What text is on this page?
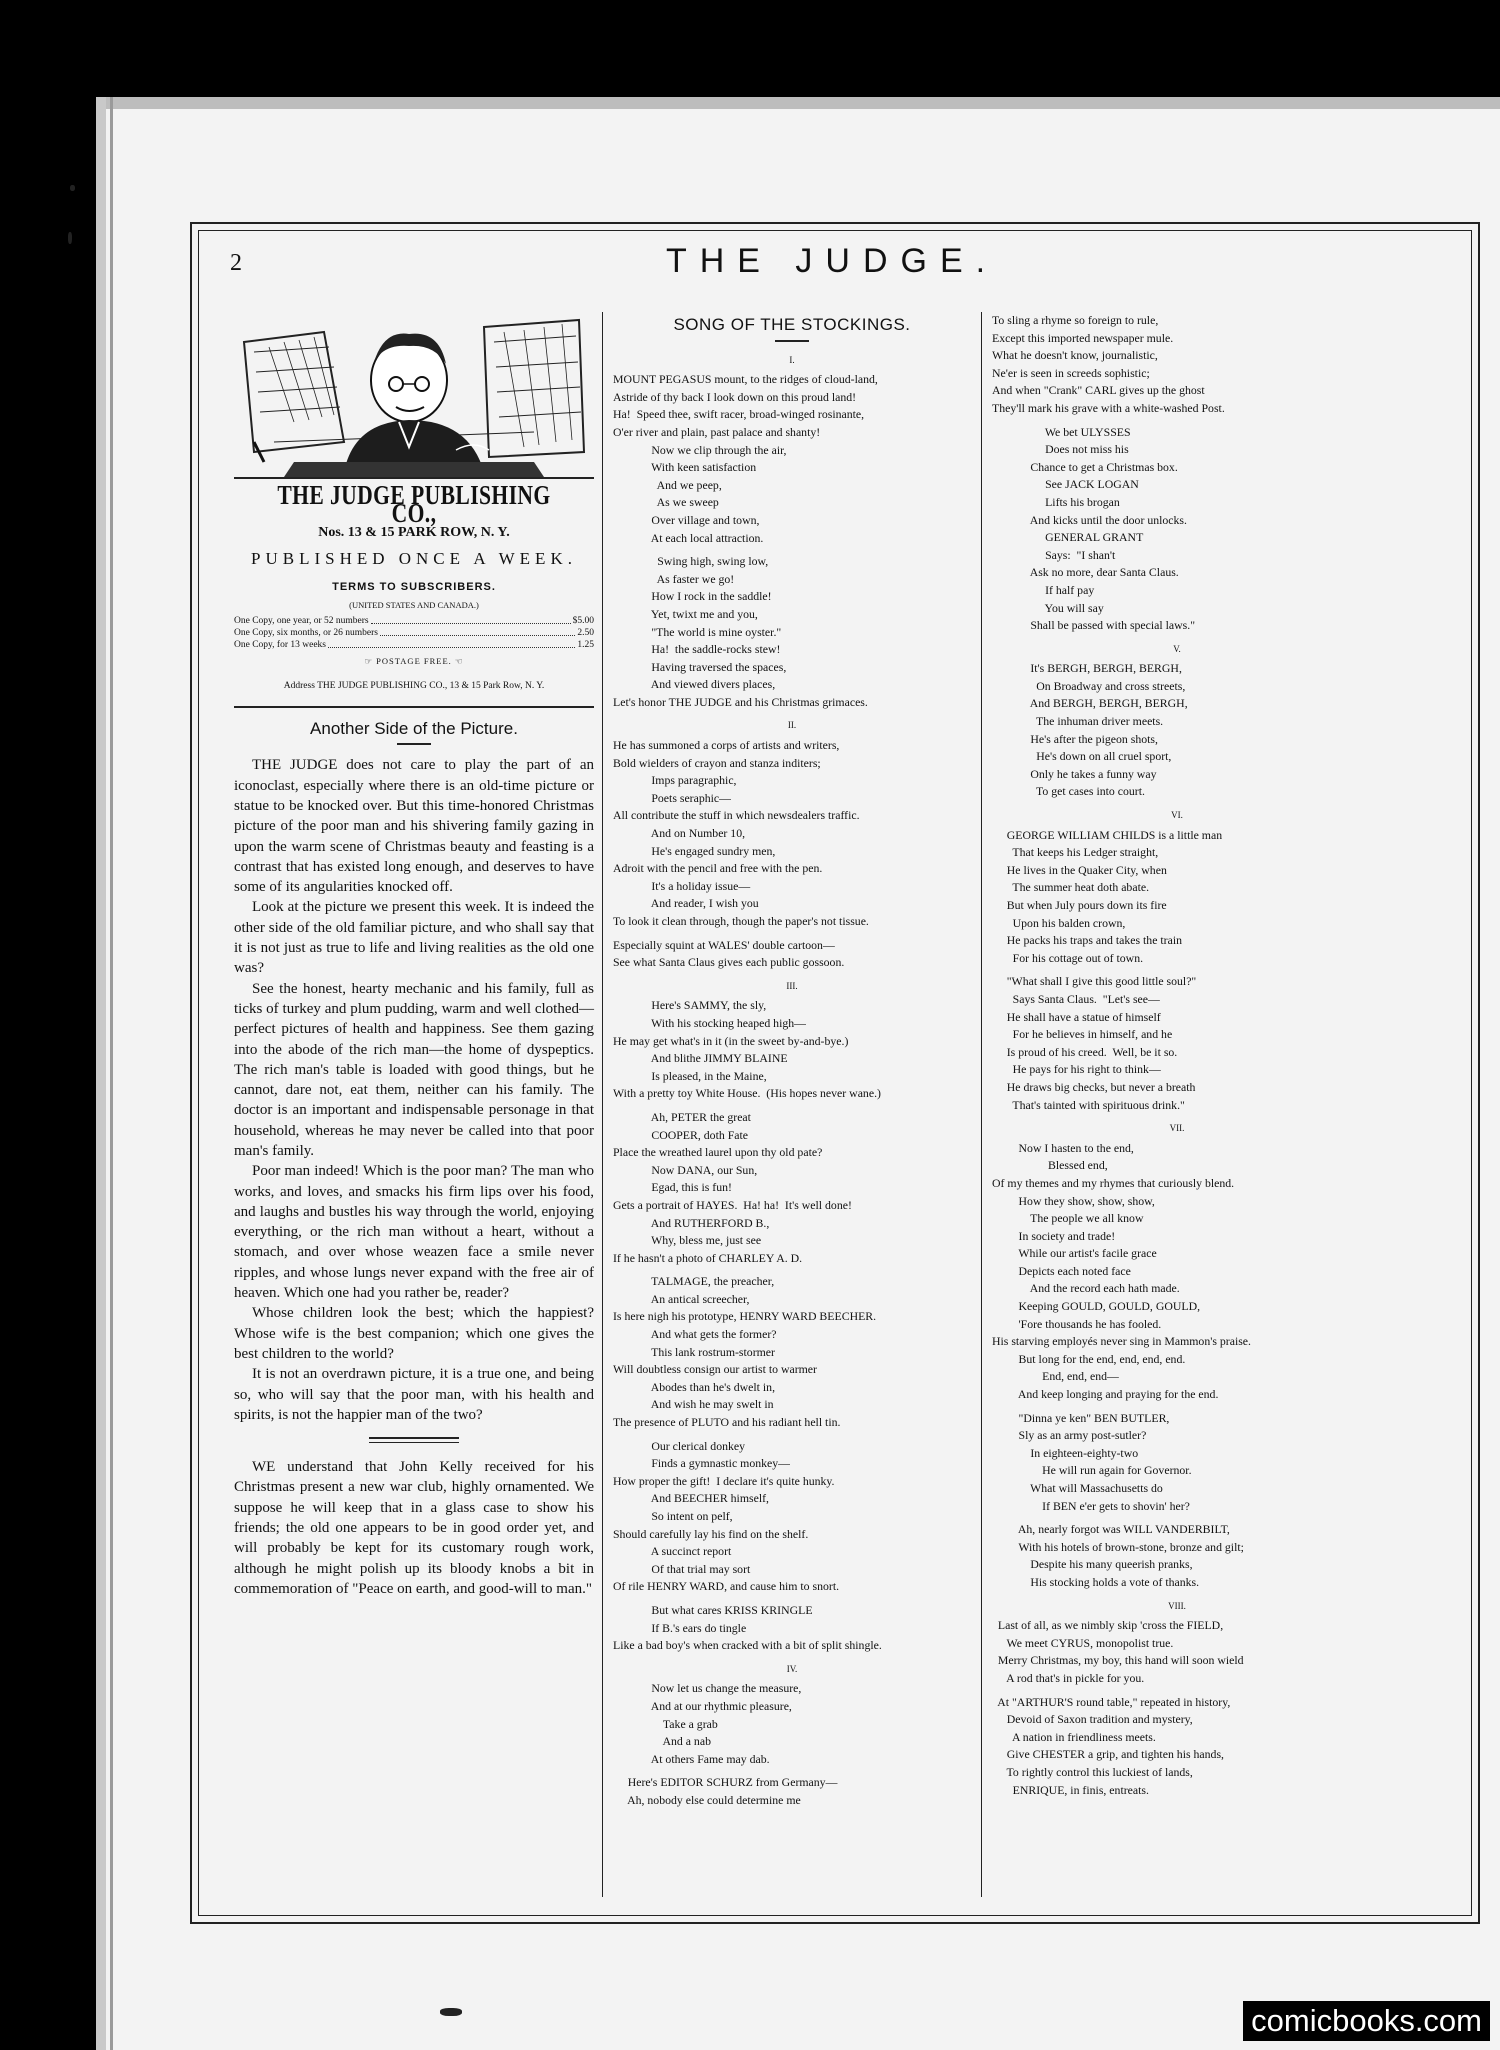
2	THE JUDGE.
THE JUDGE PUBLISHING CO.,
Nos. 13 & 15 PARK ROW, N. Y.
PUBLISHED ONCE A WEEK.
TERMS TO SUBSCRIBERS.
(UNITED STATES AND CANADA.)
One Copy, one year, or 52 numbers	$5.00
One Copy, six months, or 26 numbers	2.50
One Copy, for 13 weeks	1.25
☞ POSTAGE FREE. ☜
Address THE JUDGE PUBLISHING CO., 13 & 15 Park Row, N. Y.
Another Side of the Picture.

THE JUDGE does not care to play the part of an iconoclast, especially where there is an old-time picture or statue to be knocked over. But this time-honored Christmas picture of the poor man and his shivering family gazing in upon the warm scene of Christmas beauty and feasting is a contrast that has existed long enough, and deserves to have some of its angularities knocked off.

Look at the picture we present this week. It is indeed the other side of the old familiar picture, and who shall say that it is not just as true to life and living realities as the old one was?

See the honest, hearty mechanic and his family, full as ticks of turkey and plum pudding, warm and well clothed—perfect pictures of health and happiness. See them gazing into the abode of the rich man—the home of dyspeptics. The rich man's table is loaded with good things, but he cannot, dare not, eat them, neither can his family. The doctor is an important and indispensable personage in that household, whereas he may never be called into that poor man's family.

Poor man indeed! Which is the poor man? The man who works, and loves, and smacks his firm lips over his food, and laughs and bustles his way through the world, enjoying everything, or the rich man without a heart, without a stomach, and over whose weazen face a smile never ripples, and whose lungs never expand with the free air of heaven. Which one had you rather be, reader?

Whose children look the best; which the happiest? Whose wife is the best companion; which one gives the best children to the world?

It is not an overdrawn picture, it is a true one, and being so, who will say that the poor man, with his health and spirits, is not the happier man of the two?

WE understand that John Kelly received for his Christmas present a new war club, highly ornamented. We suppose he will keep that in a glass case to show his friends; the old one appears to be in good order yet, and will probably be kept for its customary rough work, although he might polish up its bloody knobs a bit in commemoration of "Peace on earth, and good-will to man."

SONG OF THE STOCKINGS.
I.
MOUNT PEGASUS mount, to the ridges of cloud-land,
Astride of thy back I look down on this proud land!
Ha!  Speed thee, swift racer, broad-winged rosinante,
O'er river and plain, past palace and shanty!
Now we clip through the air,
With keen satisfaction
And we peep,
As we sweep
Over village and town,
At each local attraction.
Swing high, swing low,
As faster we go!
How I rock in the saddle!
Yet, twixt me and you,
"The world is mine oyster."
Ha!  the saddle-rocks stew!
Having traversed the spaces,
And viewed divers places,
Let's honor THE JUDGE and his Christmas grimaces.
II.
He has summoned a corps of artists and writers,
Bold wielders of crayon and stanza inditers;
Imps paragraphic,
Poets seraphic—
All contribute the stuff in which newsdealers traffic.
And on Number 10,
He's engaged sundry men,
Adroit with the pencil and free with the pen.
It's a holiday issue—
And reader, I wish you
To look it clean through, though the paper's not tissue.
Especially squint at WALES' double cartoon—
See what Santa Claus gives each public gossoon.
III.
Here's SAMMY, the sly,
With his stocking heaped high—
He may get what's in it (in the sweet by-and-bye.)
And blithe JIMMY BLAINE
Is pleased, in the Maine,
With a pretty toy White House.  (His hopes never wane.)
Ah, PETER the great
COOPER, doth Fate
Place the wreathed laurel upon thy old pate?
Now DANA, our Sun,
Egad, this is fun!
Gets a portrait of HAYES.  Ha! ha!  It's well done!
And RUTHERFORD B.,
Why, bless me, just see
If he hasn't a photo of CHARLEY A. D.
TALMAGE, the preacher,
An antical screecher,
Is here nigh his prototype, HENRY WARD BEECHER.
And what gets the former?
This lank rostrum-stormer
Will doubtless consign our artist to warmer
Abodes than he's dwelt in,
And wish he may swelt in
The presence of PLUTO and his radiant hell tin.
Our clerical donkey
Finds a gymnastic monkey—
How proper the gift!  I declare it's quite hunky.
And BEECHER himself,
So intent on pelf,
Should carefully lay his find on the shelf.
A succinct report
Of that trial may sort
Of rile HENRY WARD, and cause him to snort.
But what cares KRISS KRINGLE
If B.'s ears do tingle
Like a bad boy's when cracked with a bit of split shingle.
IV.
Now let us change the measure,
And at our rhythmic pleasure,
Take a grab
And a nab
At others Fame may dab.
Here's EDITOR SCHURZ from Germany—
Ah, nobody else could determine me
To sling a rhyme so foreign to rule,
Except this imported newspaper mule.
What he doesn't know, journalistic,
Ne'er is seen in screeds sophistic;
And when "Crank" CARL gives up the ghost
They'll mark his grave with a white-washed Post.
We bet ULYSSES
Does not miss his
Chance to get a Christmas box.
See JACK LOGAN
Lifts his brogan
And kicks until the door unlocks.
GENERAL GRANT
Says:  "I shan't
Ask no more, dear Santa Claus.
If half pay
You will say
Shall be passed with special laws."
V.
It's BERGH, BERGH, BERGH,
On Broadway and cross streets,
And BERGH, BERGH, BERGH,
The inhuman driver meets.
He's after the pigeon shots,
He's down on all cruel sport,
Only he takes a funny way
To get cases into court.
VI.
GEORGE WILLIAM CHILDS is a little man
That keeps his Ledger straight,
He lives in the Quaker City, when
The summer heat doth abate.
But when July pours down its fire
Upon his balden crown,
He packs his traps and takes the train
For his cottage out of town.
"What shall I give this good little soul?"
Says Santa Claus.  "Let's see—
He shall have a statue of himself
For he believes in himself, and he
Is proud of his creed.  Well, be it so.
He pays for his right to think—
He draws big checks, but never a breath
That's tainted with spirituous drink."
VII.
Now I hasten to the end,
Blessed end,
Of my themes and my rhymes that curiously blend.
How they show, show, show,
The people we all know
In society and trade!
While our artist's facile grace
Depicts each noted face
And the record each hath made.
Keeping GOULD, GOULD, GOULD,
'Fore thousands he has fooled.
His starving employés never sing in Mammon's praise.
But long for the end, end, end, end.
End, end, end—
And keep longing and praying for the end.
"Dinna ye ken" BEN BUTLER,
Sly as an army post-sutler?
In eighteen-eighty-two
He will run again for Governor.
What will Massachusetts do
If BEN e'er gets to shovin' her?
Ah, nearly forgot was WILL VANDERBILT,
With his hotels of brown-stone, bronze and gilt;
Despite his many queerish pranks,
His stocking holds a vote of thanks.
VIII.
Last of all, as we nimbly skip 'cross the FIELD,
We meet CYRUS, monopolist true.
Merry Christmas, my boy, this hand will soon wield
A rod that's in pickle for you.
At "ARTHUR'S round table," repeated in history,
Devoid of Saxon tradition and mystery,
A nation in friendliness meets.
Give CHESTER a grip, and tighten his hands,
To rightly control this luckiest of lands,
ENRIQUE, in finis, entreats.
comicbooks.com
